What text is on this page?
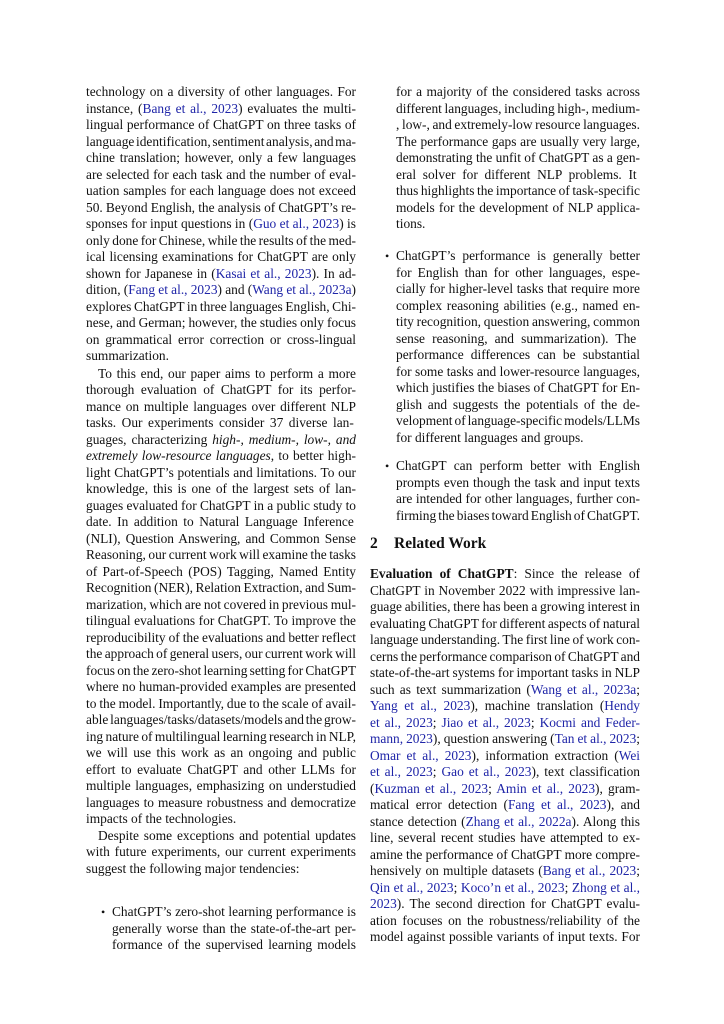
technology on a diversity of other languages. For
instance, (Bang et al., 2023) evaluates the multi-
lingual performance of ChatGPT on three tasks of
language identification, sentiment analysis, and ma-
chine translation; however, only a few languages
are selected for each task and the number of eval-
uation samples for each language does not exceed
50. Beyond English, the analysis of ChatGPT’s re-
sponses for input questions in (Guo et al., 2023) is
only done for Chinese, while the results of the med-
ical licensing examinations for ChatGPT are only
shown for Japanese in (Kasai et al., 2023). In ad-
dition, (Fang et al., 2023) and (Wang et al., 2023a)
explores ChatGPT in three languages English, Chi-
nese, and German; however, the studies only focus
on grammatical error correction or cross-lingual
summarization.
To this end, our paper aims to perform a more
thorough evaluation of ChatGPT for its perfor-
mance on multiple languages over different NLP
tasks. Our experiments consider 37 diverse lan-
guages, characterizing high-, medium-, low-, and
extremely low-resource languages, to better high-
light ChatGPT’s potentials and limitations. To our
knowledge, this is one of the largest sets of lan-
guages evaluated for ChatGPT in a public study to
date. In addition to Natural Language Inference
(NLI), Question Answering, and Common Sense
Reasoning, our current work will examine the tasks
of Part-of-Speech (POS) Tagging, Named Entity
Recognition (NER), Relation Extraction, and Sum-
marization, which are not covered in previous mul-
tilingual evaluations for ChatGPT. To improve the
reproducibility of the evaluations and better reflect
the approach of general users, our current work will
focus on the zero-shot learning setting for ChatGPT
where no human-provided examples are presented
to the model. Importantly, due to the scale of avail-
able languages/tasks/datasets/models and the grow-
ing nature of multilingual learning research in NLP,
we will use this work as an ongoing and public
effort to evaluate ChatGPT and other LLMs for
multiple languages, emphasizing on understudied
languages to measure robustness and democratize
impacts of the technologies.
Despite some exceptions and potential updates
with future experiments, our current experiments
suggest the following major tendencies:
• ChatGPT’s zero-shot learning performance is
generally worse than the state-of-the-art per-
formance of the supervised learning models
for a majority of the considered tasks across
different languages, including high-, medium-
, low-, and extremely-low resource languages.
The performance gaps are usually very large,
demonstrating the unfit of ChatGPT as a gen-
eral solver for different NLP problems. It
thus highlights the importance of task-specific
models for the development of NLP applica-
tions.
• ChatGPT’s performance is generally better
for English than for other languages, espe-
cially for higher-level tasks that require more
complex reasoning abilities (e.g., named en-
tity recognition, question answering, common
sense reasoning, and summarization). The
performance differences can be substantial
for some tasks and lower-resource languages,
which justifies the biases of ChatGPT for En-
glish and suggests the potentials of the de-
velopment of language-specific models/LLMs
for different languages and groups.
• ChatGPT can perform better with English
prompts even though the task and input texts
are intended for other languages, further con-
firming the biases toward English of ChatGPT.
2 Related Work
Evaluation of ChatGPT: Since the release of
ChatGPT in November 2022 with impressive lan-
guage abilities, there has been a growing interest in
evaluating ChatGPT for different aspects of natural
language understanding. The first line of work con-
cerns the performance comparison of ChatGPT and
state-of-the-art systems for important tasks in NLP
such as text summarization (Wang et al., 2023a;
Yang et al., 2023), machine translation (Hendy
et al., 2023; Jiao et al., 2023; Kocmi and Feder-
mann, 2023), question answering (Tan et al., 2023;
Omar et al., 2023), information extraction (Wei
et al., 2023; Gao et al., 2023), text classification
(Kuzman et al., 2023; Amin et al., 2023), gram-
matical error detection (Fang et al., 2023), and
stance detection (Zhang et al., 2022a). Along this
line, several recent studies have attempted to ex-
amine the performance of ChatGPT more compre-
hensively on multiple datasets (Bang et al., 2023;
Qin et al., 2023; Koco’n et al., 2023; Zhong et al.,
2023). The second direction for ChatGPT evalu-
ation focuses on the robustness/reliability of the
model against possible variants of input texts. For
